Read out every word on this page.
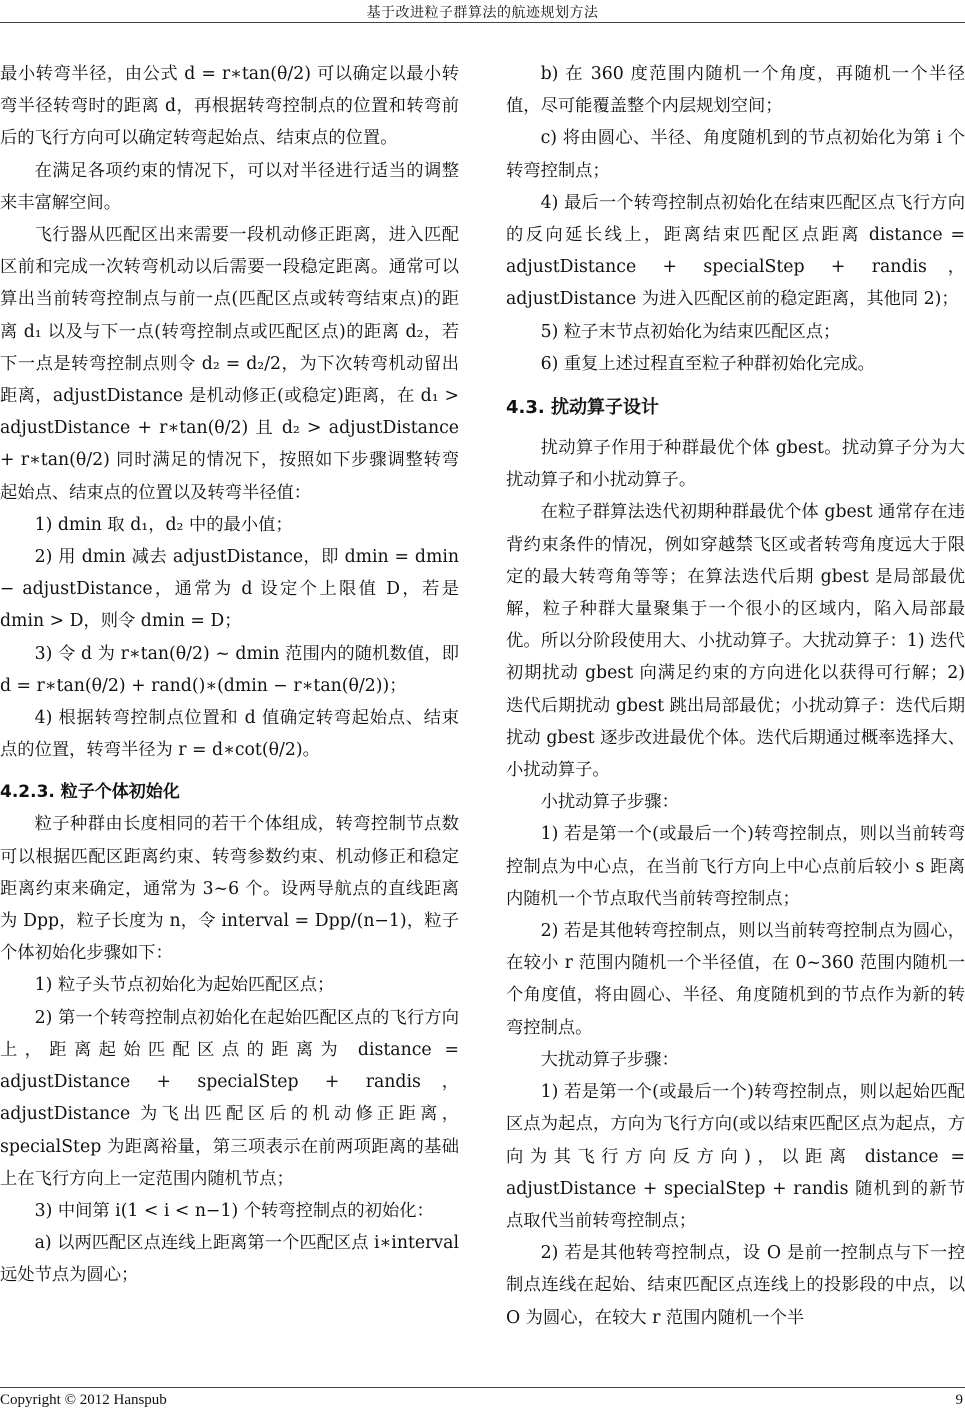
基于改进粒子群算法的航迹规划方法

最小转弯半径，由公式 d = r∗tan(θ/2) 可以确定以最小转弯半径转弯时的距离 d，再根据转弯控制点的位置和转弯前后的飞行方向可以确定转弯起始点、结束点的位置。

在满足各项约束的情况下，可以对半径进行适当的调整来丰富解空间。

飞行器从匹配区出来需要一段机动修正距离，进入匹配区前和完成一次转弯机动以后需要一段稳定距离。通常可以算出当前转弯控制点与前一点(匹配区点或转弯结束点)的距离 d₁ 以及与下一点(转弯控制点或匹配区点)的距离 d₂，若下一点是转弯控制点则令 d₂ = d₂/2，为下次转弯机动留出距离，adjustDistance 是机动修正(或稳定)距离，在 d₁ > adjustDistance + r∗tan(θ/2) 且 d₂ > adjustDistance + r∗tan(θ/2) 同时满足的情况下，按照如下步骤调整转弯起始点、结束点的位置以及转弯半径值：

1) dmin 取 d₁，d₂ 中的最小值；

2) 用 dmin 减去 adjustDistance，即 dmin = dmin − adjustDistance，通常为 d 设定个上限值 D，若是 dmin > D，则令 dmin = D；

3) 令 d 为 r∗tan(θ/2) ~ dmin 范围内的随机数值，即 d = r∗tan(θ/2) + rand()∗(dmin − r∗tan(θ/2))；

4) 根据转弯控制点位置和 d 值确定转弯起始点、结束点的位置，转弯半径为 r = d∗cot(θ/2)。

4.2.3. 粒子个体初始化

粒子种群由长度相同的若干个体组成，转弯控制节点数可以根据匹配区距离约束、转弯参数约束、机动修正和稳定距离约束来确定，通常为 3~6 个。设两导航点的直线距离为 Dpp，粒子长度为 n，令 interval = Dpp/(n−1)，粒子个体初始化步骤如下：

1) 粒子头节点初始化为起始匹配区点；

2) 第一个转弯控制点初始化在起始匹配区点的飞行方向上，距离起始匹配区点的距离为 distance = adjustDistance + specialStep + randis，adjustDistance 为飞出匹配区后的机动修正距离，specialStep 为距离裕量，第三项表示在前两项距离的基础上在飞行方向上一定范围内随机节点；

3) 中间第 i(1 < i < n−1) 个转弯控制点的初始化：

a) 以两匹配区点连线上距离第一个匹配区点 i∗interval 远处节点为圆心；

b) 在 360 度范围内随机一个角度，再随机一个半径值，尽可能覆盖整个内层规划空间；

c) 将由圆心、半径、角度随机到的节点初始化为第 i 个转弯控制点；

4) 最后一个转弯控制点初始化在结束匹配区点飞行方向的反向延长线上，距离结束匹配区点距离 distance = adjustDistance + specialStep + randis，adjustDistance 为进入匹配区前的稳定距离，其他同 2)；

5) 粒子末节点初始化为结束匹配区点；

6) 重复上述过程直至粒子种群初始化完成。

4.3. 扰动算子设计

扰动算子作用于种群最优个体 gbest。扰动算子分为大扰动算子和小扰动算子。

在粒子群算法迭代初期种群最优个体 gbest 通常存在违背约束条件的情况，例如穿越禁飞区或者转弯角度远大于限定的最大转弯角等等；在算法迭代后期 gbest 是局部最优解，粒子种群大量聚集于一个很小的区域内，陷入局部最优。所以分阶段使用大、小扰动算子。大扰动算子：1) 迭代初期扰动 gbest 向满足约束的方向进化以获得可行解；2) 迭代后期扰动 gbest 跳出局部最优；小扰动算子：迭代后期扰动 gbest 逐步改进最优个体。迭代后期通过概率选择大、小扰动算子。

小扰动算子步骤：

1) 若是第一个(或最后一个)转弯控制点，则以当前转弯控制点为中心点，在当前飞行方向上中心点前后较小 s 距离内随机一个节点取代当前转弯控制点；

2) 若是其他转弯控制点，则以当前转弯控制点为圆心，在较小 r 范围内随机一个半径值，在 0~360 范围内随机一个角度值，将由圆心、半径、角度随机到的节点作为新的转弯控制点。

大扰动算子步骤：

1) 若是第一个(或最后一个)转弯控制点，则以起始匹配区点为起点，方向为飞行方向(或以结束匹配区点为起点，方向为其飞行方向反方向)，以距离 distance = adjustDistance + specialStep + randis 随机到的新节点取代当前转弯控制点；

2) 若是其他转弯控制点，设 O 是前一控制点与下一控制点连线在起始、结束匹配区点连线上的投影段的中点，以 O 为圆心，在较大 r 范围内随机一个半

Copyright © 2012 Hanspub	9
